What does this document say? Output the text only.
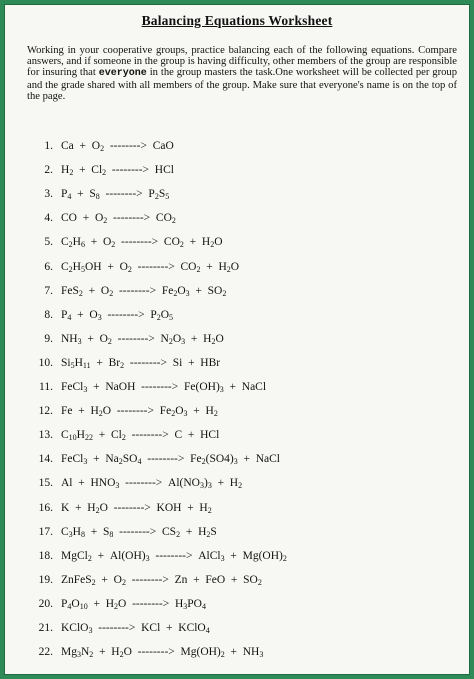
Balancing Equations Worksheet
Working in your cooperative groups, practice balancing each of the following equations. Compare answers, and if someone in the group is having difficulty, other members of the group are responsible for insuring that everyone in the group masters the task.One worksheet will be collected per group and the grade shared with all members of the group. Make sure that everyone's name is on the top of the page.
1. $Ca + O_2$  -------->  CaO
2. $H_2 + Cl_2$  -------->  HCl
3. $P_4 + S_8$  -------->  $P_2S_5$
4. CO  +  $O_2$  -------->  $CO_2$
5. $C_2H_6 + O_2$  -------->  $CO_2 + H_2O$
6. $C_2H_5OH + O_2$  -------->  $CO_2 + H_2O$
7. $FeS_2 + O_2$  -------->  $Fe_2O_3 + SO_2$
8. $P_4 + O_3$  -------->  $P_2O_5$
9. $NH_3 + O_2$  -------->  $N_2O_3 + H_2O$
10. $Si_5H_{11} + Br_2$  -------->  Si  +  HBr
11. FeCl$_3$  +  NaOH  -------->  $Fe(OH)_3$  +  NaCl
12. $Fe + H_2O$  -------->  $Fe_2O_3 + H_2$
13. $C_{10}H_{22} + Cl_2$  -------->  C  +  HCl
14. FeCl$_3$  +  $Na_2SO_4$  -------->  $Fe_2(SO4)_3$  +  NaCl
15. $Al + HNO_3$  -------->  $Al(NO_3)_3 + H_2$
16. $K + H_2O$  -------->  KOH  +  $H_2$
17. $C_3H_8 + S_8$  -------->  $CS_2 + H_2S$
18. MgCl$_2$  +  $Al(OH)_3$  -------->  AlCl$_3$  +  $Mg(OH)_2$
19. ZnFeS$_2$  +  $O_2$  -------->  Zn  +  FeO  +  $SO_2$
20. $P_4O_{10} + H_2O$  -------->  $H_3PO_4$
21. KClO$_3$  -------->  KCl  +  KClO$_4$
22. $Mg_3N_2 + H_2O$  -------->  $Mg(OH)_2 + NH_3$
